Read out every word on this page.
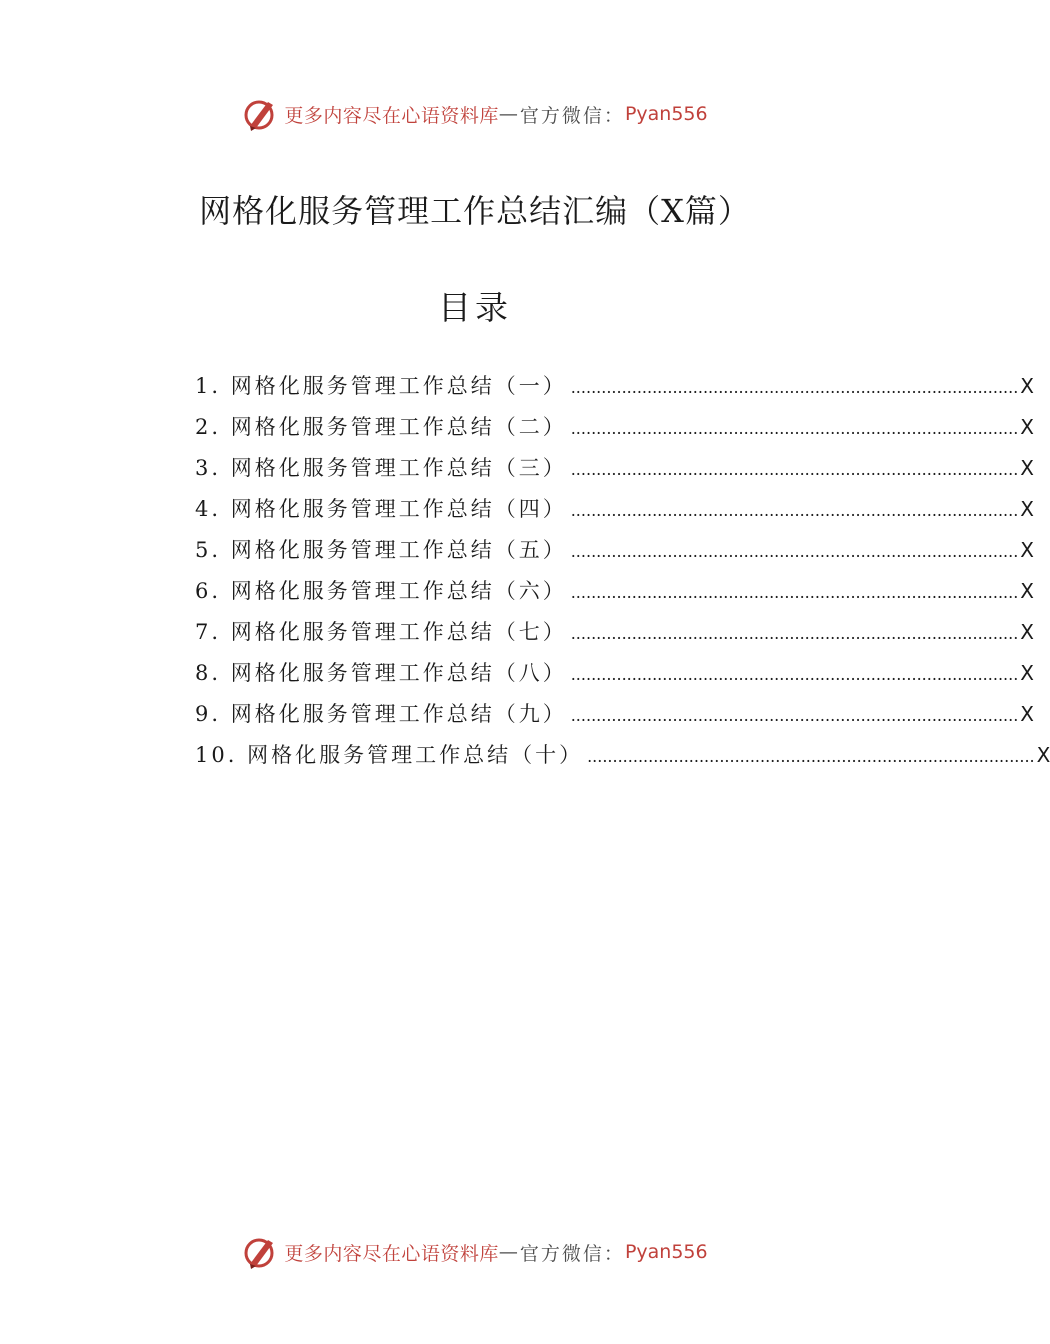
更多内容尽在心语资料库 — 官方微信： Pyan556
网格化服务管理工作总结汇编（X篇）
目录
1. 网格化服务管理工作总结（一） ........................................................................................ X
2. 网格化服务管理工作总结（二） ........................................................................................ X
3. 网格化服务管理工作总结（三） ........................................................................................ X
4. 网格化服务管理工作总结（四） ........................................................................................ X
5. 网格化服务管理工作总结（五） ........................................................................................ X
6. 网格化服务管理工作总结（六） ........................................................................................ X
7. 网格化服务管理工作总结（七） ........................................................................................ X
8. 网格化服务管理工作总结（八） ........................................................................................ X
9. 网格化服务管理工作总结（九） ........................................................................................ X
10. 网格化服务管理工作总结（十） ........................................................................................ X
更多内容尽在心语资料库 — 官方微信： Pyan556
